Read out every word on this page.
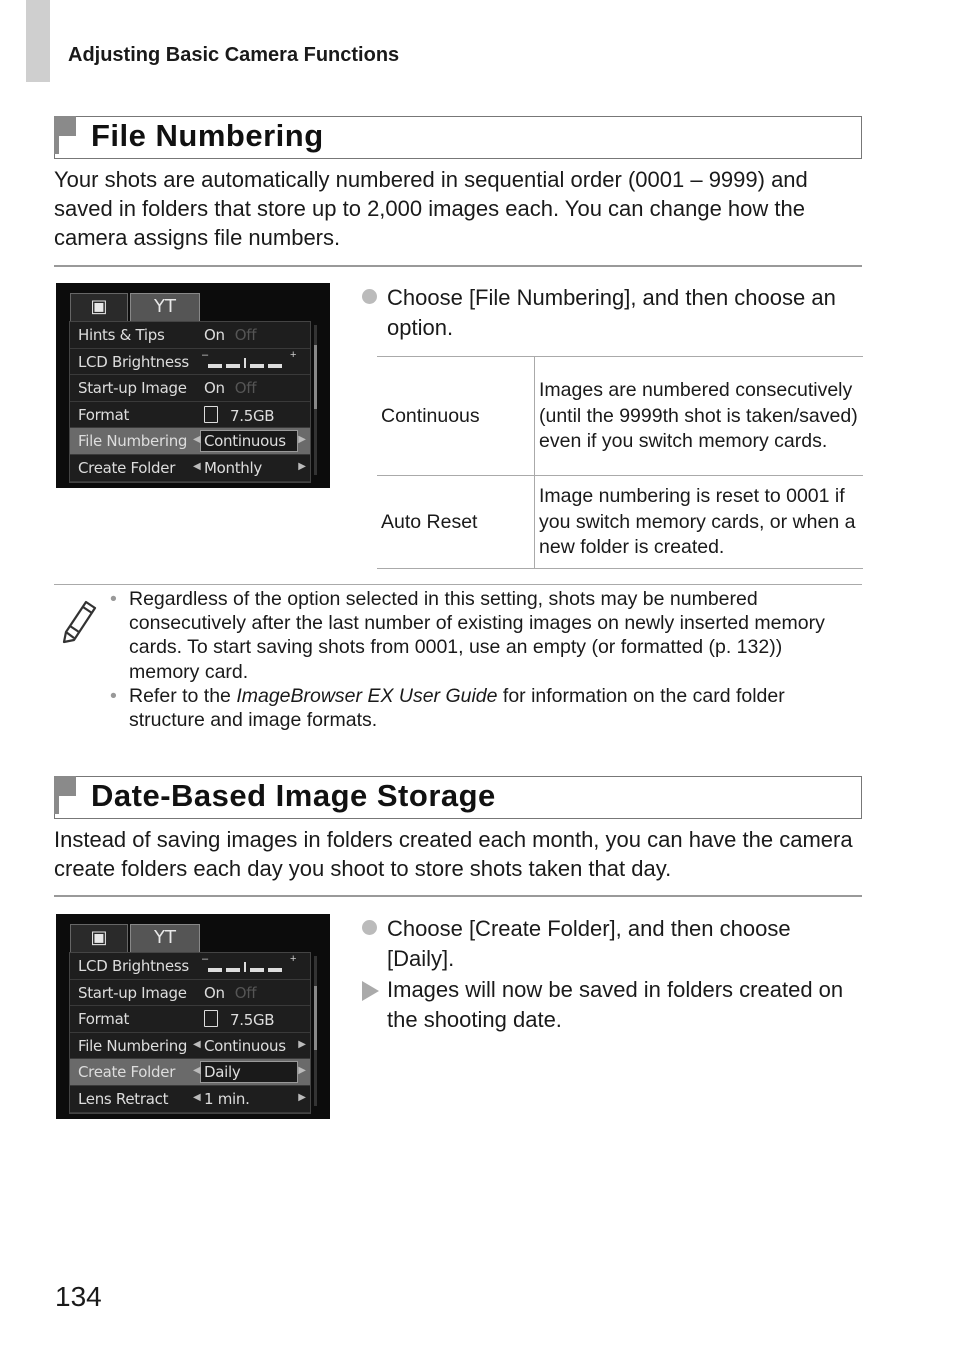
Adjusting Basic Camera Functions
File Numbering
Your shots are automatically numbered in sequential order (0001 – 9999) and saved in folders that store up to 2,000 images each. You can change how the camera assigns file numbers.
▣	ΥΤ
Hints & Tips	On Off
LCD Brightness –	+
Start-up Image On Off
Format	7.5GB
File Numbering ◀ Continuous ▶
Create Folder ◀ Monthly	▶
Choose [File Numbering], and then choose an option.
Continuous	Images are numbered consecutively (until the 9999th shot is taken/saved) even if you switch memory cards.
Auto Reset	Image numbering is reset to 0001 if you switch memory cards, or when a new folder is created.
• Regardless of the option selected in this setting, shots may be numbered consecutively after the last number of existing images on newly inserted memory cards. To start saving shots from 0001, use an empty (or formatted (p. 132)) memory card.
• Refer to the ImageBrowser EX User Guide for information on the card folder structure and image formats.
Date-Based Image Storage
Instead of saving images in folders created each month, you can have the camera create folders each day you shoot to store shots taken that day.
▣	ΥΤ
LCD Brightness –	+
Start-up Image On Off
Format	7.5GB
File Numbering ◀ Continuous ▶
Create Folder ◀ Daily	▶
Lens Retract ◀ 1 min.	▶
Choose [Create Folder], and then choose [Daily].
Images will now be saved in folders created on the shooting date.
134
